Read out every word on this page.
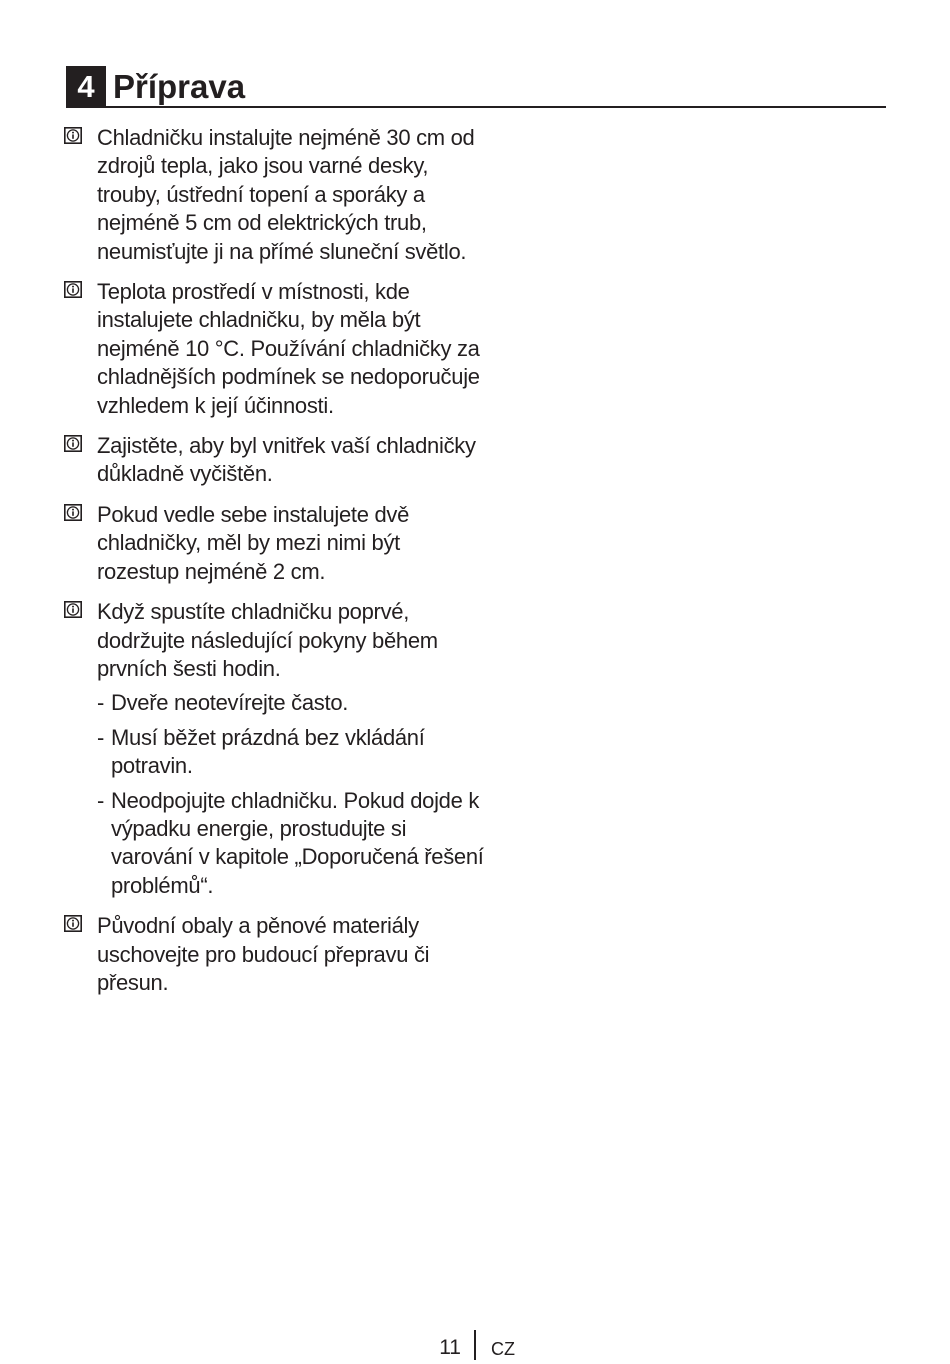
4 Příprava
Chladničku instalujte nejméně 30 cm od zdrojů tepla, jako jsou varné desky, trouby, ústřední topení a sporáky a nejméně 5 cm od elektrických trub, neumisťujte ji na přímé sluneční světlo.
Teplota prostředí v místnosti, kde instalujete chladničku, by měla být nejméně 10 °C. Používání chladničky za chladnějších podmínek se nedoporučuje vzhledem k její účinnosti.
Zajistěte, aby byl vnitřek vaší chladničky důkladně vyčištěn.
Pokud vedle sebe instalujete dvě chladničky, měl by mezi nimi být rozestup nejméně 2 cm.
Když spustíte chladničku poprvé, dodržujte následující pokyny během prvních šesti hodin.
- Dveře neotevírejte často.
- Musí běžet prázdná bez vkládání potravin.
- Neodpojujte chladničku. Pokud dojde k výpadku energie, prostudujte si varování v kapitole „Doporučená řešení problémů“.
Původní obaly a pěnové materiály uschovejte pro budoucí přepravu či přesun.
11 CZ
